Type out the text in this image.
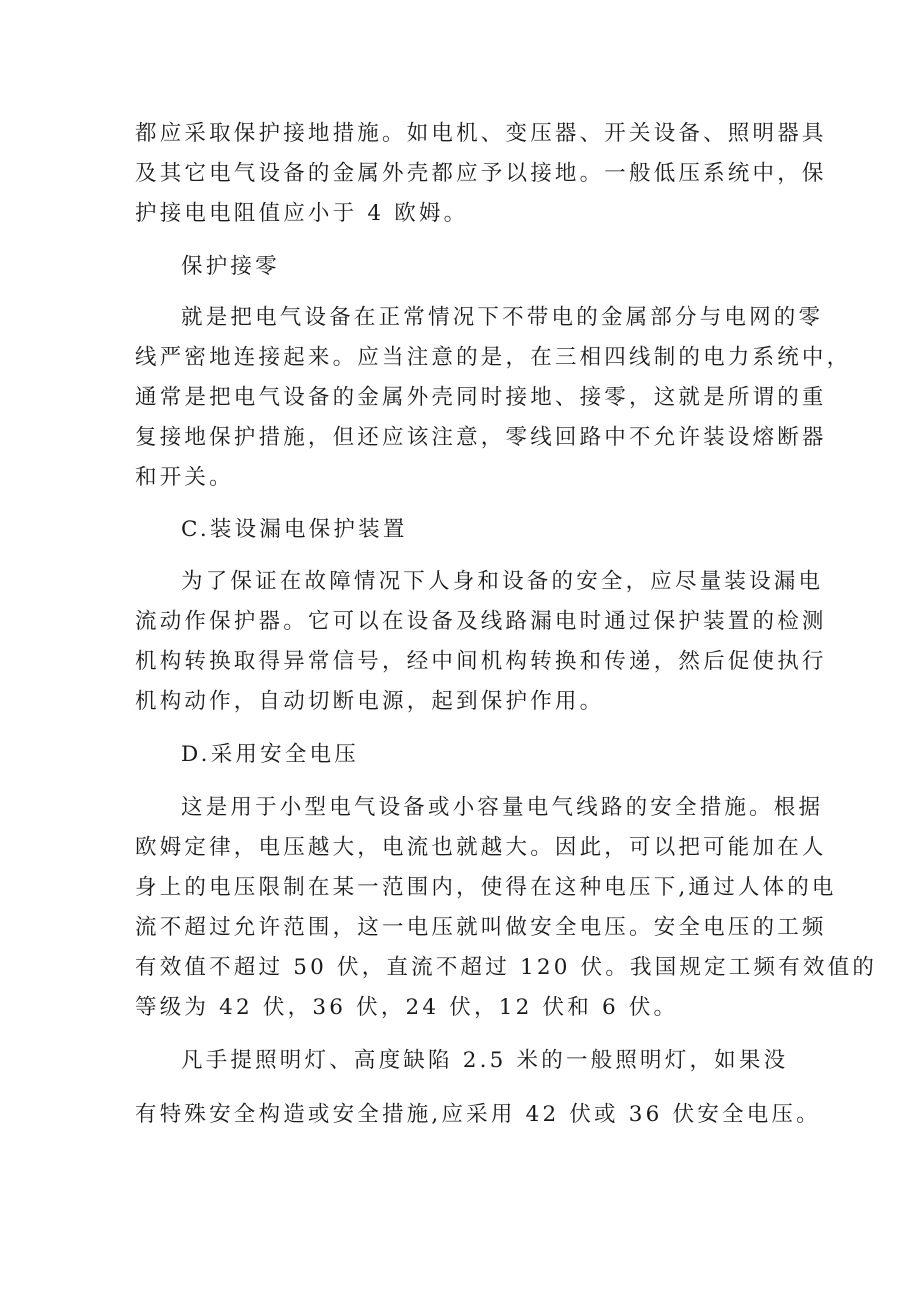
都应采取保护接地措施。如电机、变压器、开关设备、照明器具
及其它电气设备的金属外壳都应予以接地。一般低压系统中，保
护接电电阻值应小于 4 欧姆。
保护接零
就是把电气设备在正常情况下不带电的金属部分与电网的零
线严密地连接起来。应当注意的是，在三相四线制的电力系统中，
通常是把电气设备的金属外壳同时接地、接零，这就是所谓的重
复接地保护措施，但还应该注意，零线回路中不允许装设熔断器
和开关。
C.装设漏电保护装置
为了保证在故障情况下人身和设备的安全，应尽量装设漏电
流动作保护器。它可以在设备及线路漏电时通过保护装置的检测
机构转换取得异常信号，经中间机构转换和传递，然后促使执行
机构动作，自动切断电源，起到保护作用。
D.采用安全电压
这是用于小型电气设备或小容量电气线路的安全措施。根据
欧姆定律，电压越大，电流也就越大。因此，可以把可能加在人
身上的电压限制在某一范围内，使得在这种电压下,通过人体的电
流不超过允许范围，这一电压就叫做安全电压。安全电压的工频
有效值不超过 50 伏，直流不超过 120 伏。我国规定工频有效值的
等级为 42 伏，36 伏，24 伏，12 伏和 6 伏。
凡手提照明灯、高度缺陷 2.5 米的一般照明灯，如果没
有特殊安全构造或安全措施,应采用 42 伏或 36 伏安全电压。
